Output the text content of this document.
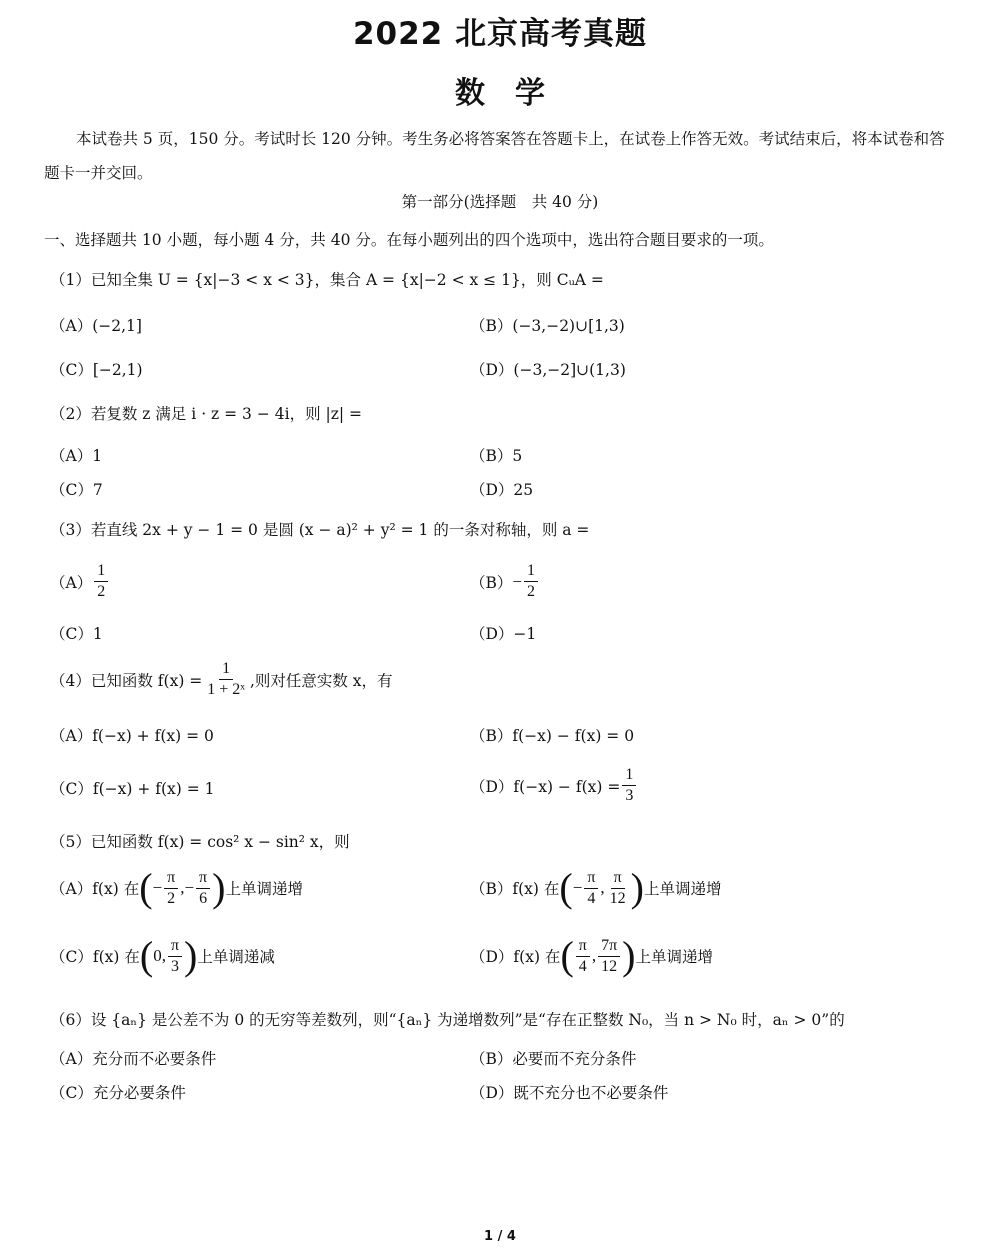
2022 北京高考真题
数　学
本试卷共 5 页，150 分。考试时长 120 分钟。考生务必将答案答在答题卡上，在试卷上作答无效。考试结束后，将本试卷和答题卡一并交回。
第一部分(选择题　共 40 分)
一、选择题共 10 小题，每小题 4 分，共 40 分。在每小题列出的四个选项中，选出符合题目要求的一项。
（1）已知全集 U = {x|−3 < x < 3}，集合 A = {x|−2 < x ≤ 1}，则 CᵤA =
（A）(−2,1]	（B）(−3,−2)∪[1,3)
（C）[−2,1)	（D）(−3,−2]∪(1,3)
（2）若复数 z 满足 i · z = 3 − 4i，则 |z| =
（A）1	（B）5
（C）7	（D）25
（3）若直线 2x + y − 1 = 0 是圆 (x − a)² + y² = 1 的一条对称轴，则 a =
$(A) \frac{1}{2}$	$(B) - \frac{1}{2}$
（C）1	（D）−1
（4）已知函数 $f(x) = \frac{1}{\text{1 + 2ˣ}}$ ,则对任意实数 x，有
（A）f(−x) + f(x) = 0	（B）f(−x) − f(x) = 0
（C）f(−x) + f(x) = 1	$(D)f(-x) - f(x) = \frac{1}{3}$
（5）已知函数 f(x) = cos² x − sin² x，则
（A）f(x) 在 ( − $\frac{\pi}{2}$ , − $\frac{\pi}{6}$ ) 上单调递增	（B）f(x) 在 ( − $\frac{\pi}{4}$ , $\frac{\pi}{12}$ ) 上单调递增
（C）f(x) 在 ( 0, $\frac{\pi}{3}$ ) 上单调递减	（D）f(x) 在 ( $\frac{\pi}{4}$ , $\frac{7\pi}{12}$ ) 上单调递增
（6）设 {aₙ} 是公差不为 0 的无穷等差数列，则“{aₙ} 为递增数列”是“存在正整数 N₀，当 n > N₀ 时，aₙ > 0”的
（A）充分而不必要条件	（B）必要而不充分条件
（C）充分必要条件	（D）既不充分也不必要条件
1 / 4
